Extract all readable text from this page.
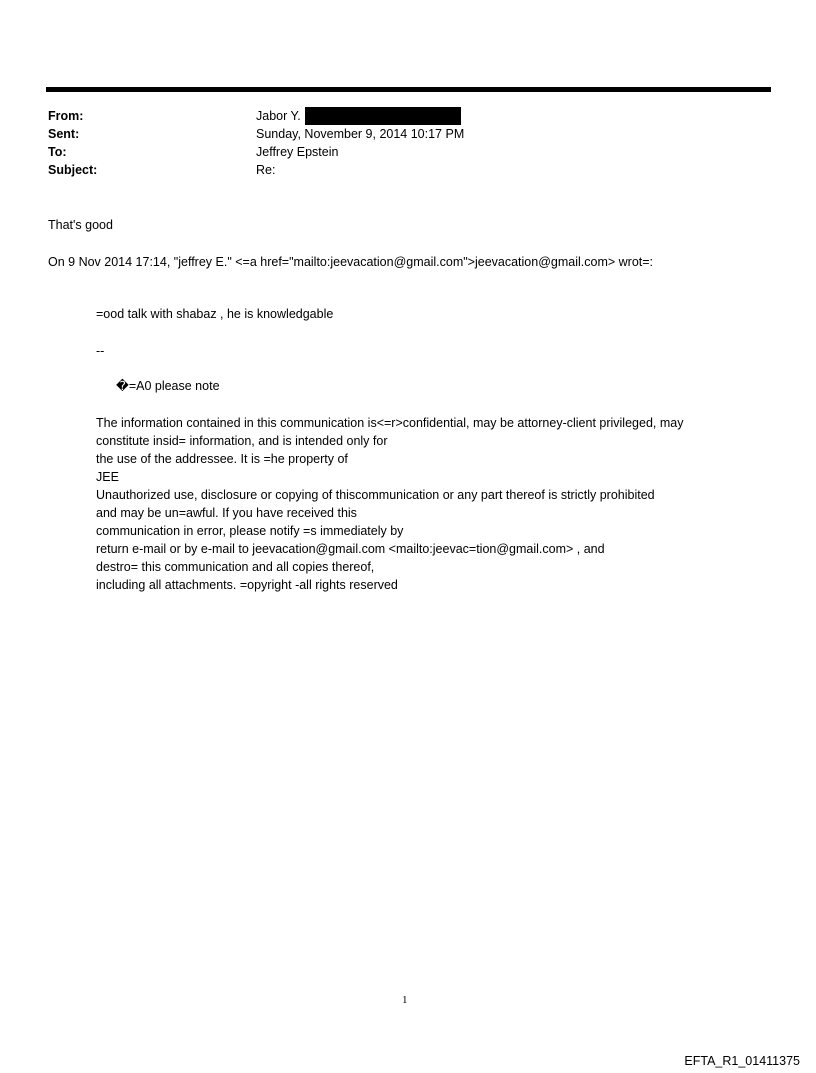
From:	Jabor Y.
Sent:	Sunday, November 9, 2014 10:17 PM
To:	Jeffrey Epstein
Subject:	Re:
That's good
On 9 Nov 2014 17:14, "jeffrey E." <=a href="mailto:jeevacation@gmail.com">jeevacation@gmail.com> wrot=:
=ood talk with shabaz , he is knowledgable
--
�=A0 please note
The information contained in this communication is<=r>confidential, may be attorney-client privileged, may
constitute insid= information, and is intended only for
the use of the addressee. It is =he property of
JEE
Unauthorized use, disclosure or copying of thiscommunication or any part thereof is strictly prohibited
and may be un=awful. If you have received this
communication in error, please notify =s immediately by
return e-mail or by e-mail to jeevacation@gmail.com <mailto:jeevac=tion@gmail.com> , and
destro= this communication and all copies thereof,
including all attachments. =opyright -all rights reserved
1
EFTA_R1_01411375
